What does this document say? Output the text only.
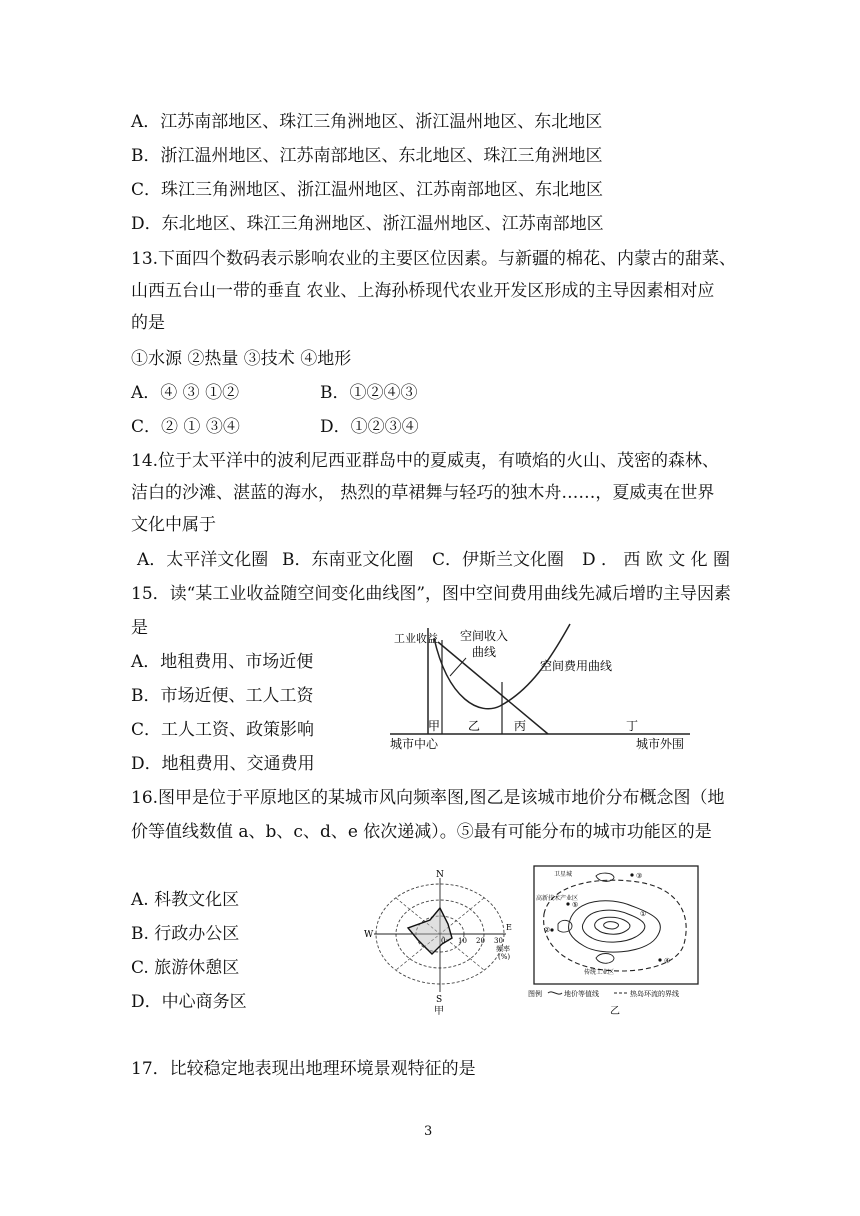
A．江苏南部地区、珠江三角洲地区、浙江温州地区、东北地区
B．浙江温州地区、江苏南部地区、东北地区、珠江三角洲地区
C．珠江三角洲地区、浙江温州地区、江苏南部地区、东北地区
D．东北地区、珠江三角洲地区、浙江温州地区、江苏南部地区
13.下面四个数码表示影响农业的主要区位因素。与新疆的棉花、内蒙古的甜菜、
山西五台山一带的垂直 农业、上海孙桥现代农业开发区形成的主导因素相对应
的是
①水源 ②热量 ③技术 ④地形
A．④ ③ ①②	B．①②④③
C．② ① ③④	D．①②③④
14.位于太平洋中的波利尼西亚群岛中的夏威夷，有喷焰的火山、茂密的森林、
洁白的沙滩、湛蓝的海水， 热烈的草裙舞与轻巧的独木舟……，夏威夷在世界
文化中属于
A．太平洋文化圈 B．东南亚文化圈 C．伊斯兰文化圈 D ． 西 欧 文 化 圈
15．读“某工业收益随空间变化曲线图”，图中空间费用曲线先减后增旳主导因素
是
A．地租费用、市场近便
B．市场近便、工人工资
C．工人工资、政策影响
D．地租费用、交通费用
工业收益 空间收入
曲线
空间费用曲线
甲 乙	丙	丁
城市中心	城市外围
16.图甲是位于平原地区的某城市风向频率图,图乙是该城市地价分布概念图（地
价等值线数值 a、b、c、d、e 依次递减）。⑤最有可能分布的城市功能区的是
A. 科教文化区
B. 行政办公区
C. 旅游休憩区
D．中心商务区
N
S
W
E
0 10 20 30
频率
(%)
甲
卫星城	③
高新技术产业区
⑤
①
②
传统工业区
④
图例	地价等值线	热岛环流的界线
乙
17．比较稳定地表现出地理环境景观特征的是
3
